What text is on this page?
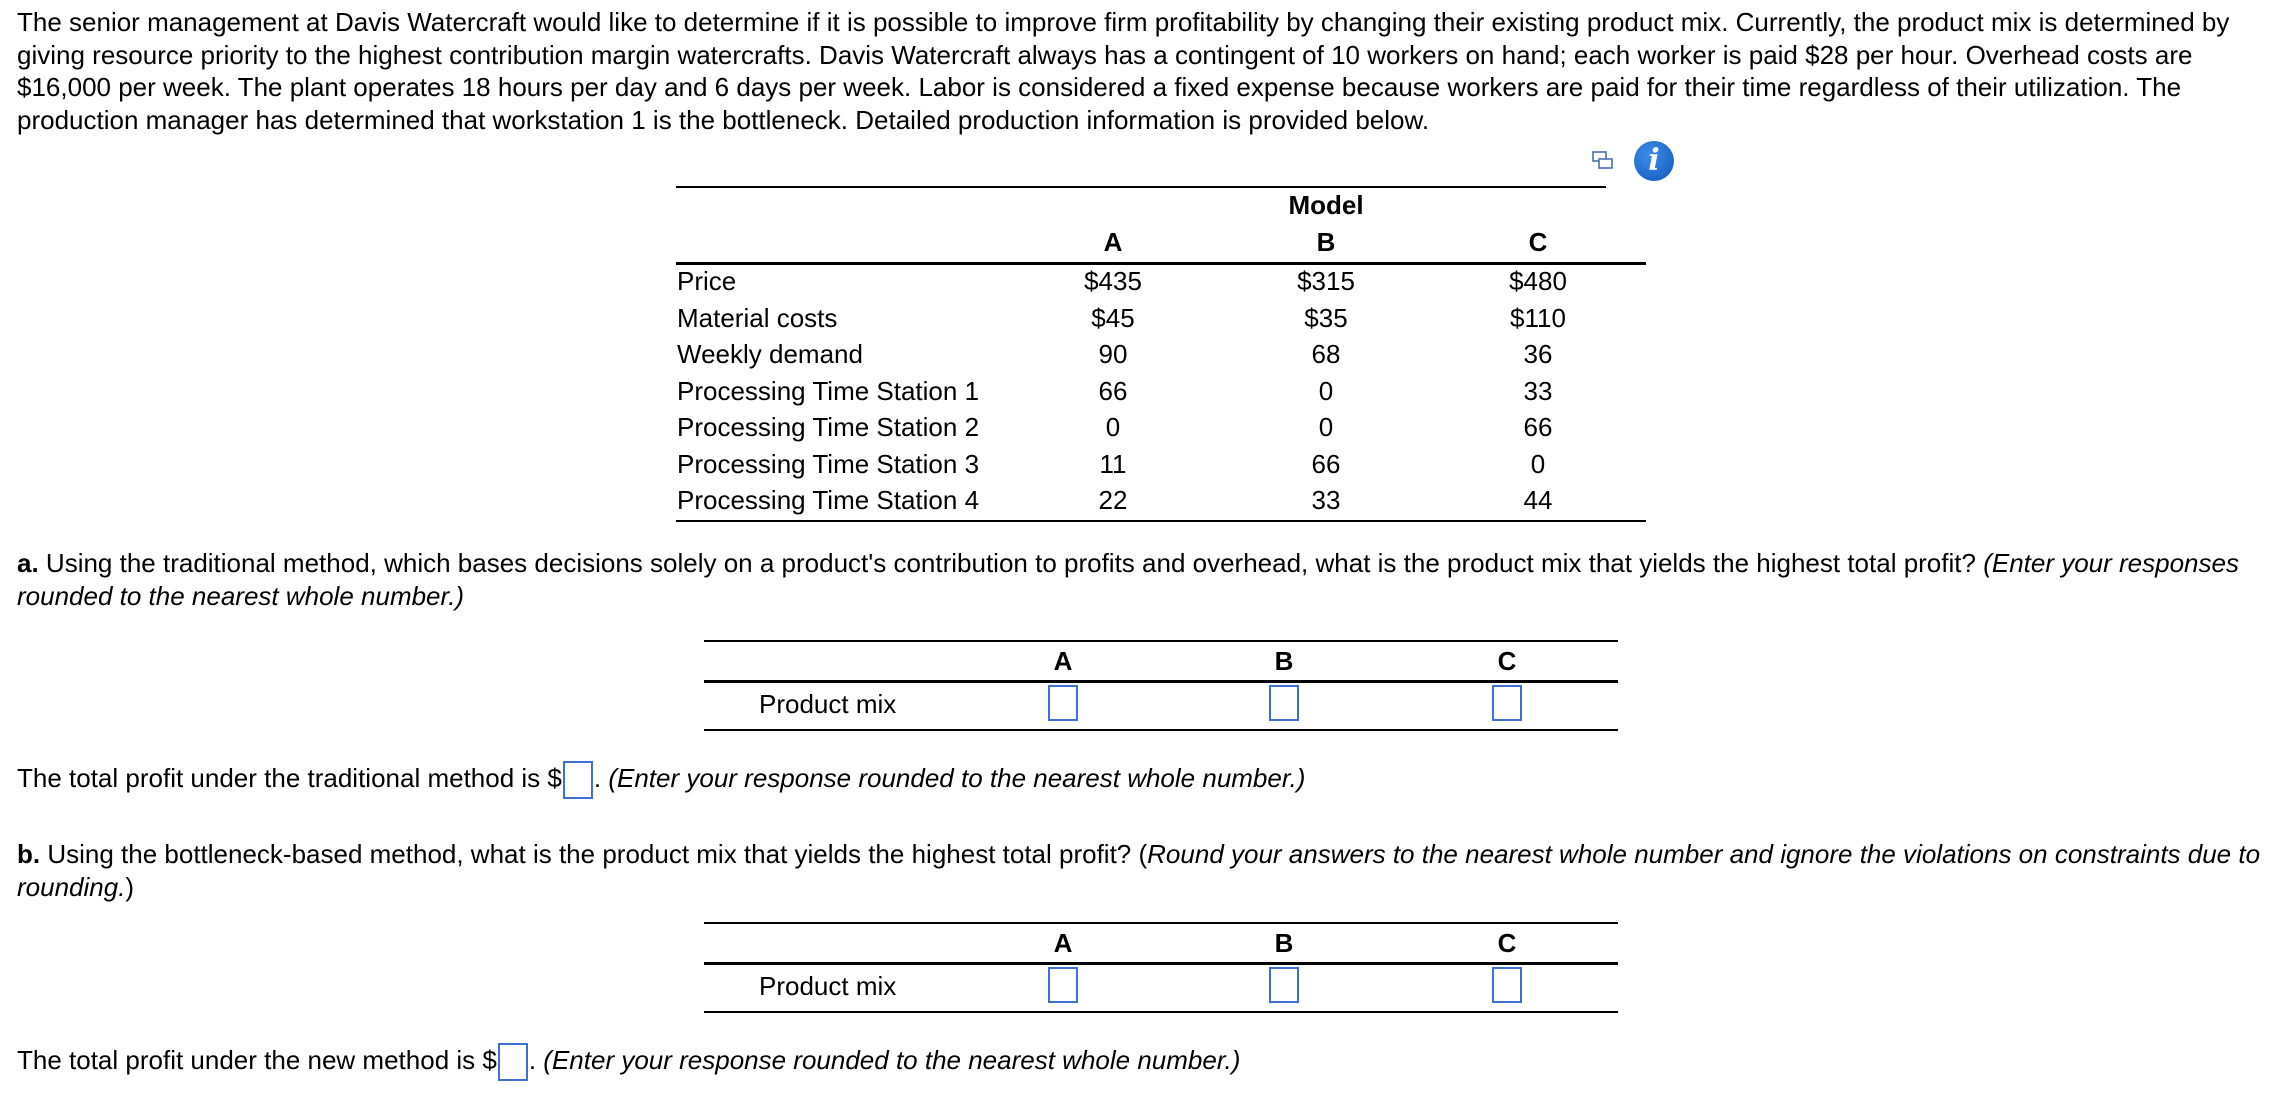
The senior management at Davis Watercraft would like to determine if it is possible to improve firm profitability by changing their existing product mix. Currently, the product mix is determined by giving resource priority to the highest contribution margin watercrafts. Davis Watercraft always has a contingent of 10 workers on hand; each worker is paid $28 per hour. Overhead costs are $16,000 per week. The plant operates 18 hours per day and 6 days per week. Labor is considered a fixed expense because workers are paid for their time regardless of their utilization. The production manager has determined that workstation 1 is the bottleneck. Detailed production information is provided below.

i
Model
A	B	C
Price	$435	$315	$480
Material costs	$45	$35	$110
Weekly demand	90	68	36
Processing Time Station 1	66	0	33
Processing Time Station 2	0	0	66
Processing Time Station 3	11	66	0
Processing Time Station 4	22	33	44
a. Using the traditional method, which bases decisions solely on a product's contribution to profits and overhead, what is the product mix that yields the highest total profit? (Enter your responses rounded to the nearest whole number.)
A	B	C
Product mix
The total profit under the traditional method is $ . (Enter your response rounded to the nearest whole number.)
b. Using the bottleneck-based method, what is the product mix that yields the highest total profit? (Round your answers to the nearest whole number and ignore the violations on constraints due to rounding.)
A	B	C
Product mix
The total profit under the new method is $ . (Enter your response rounded to the nearest whole number.)
